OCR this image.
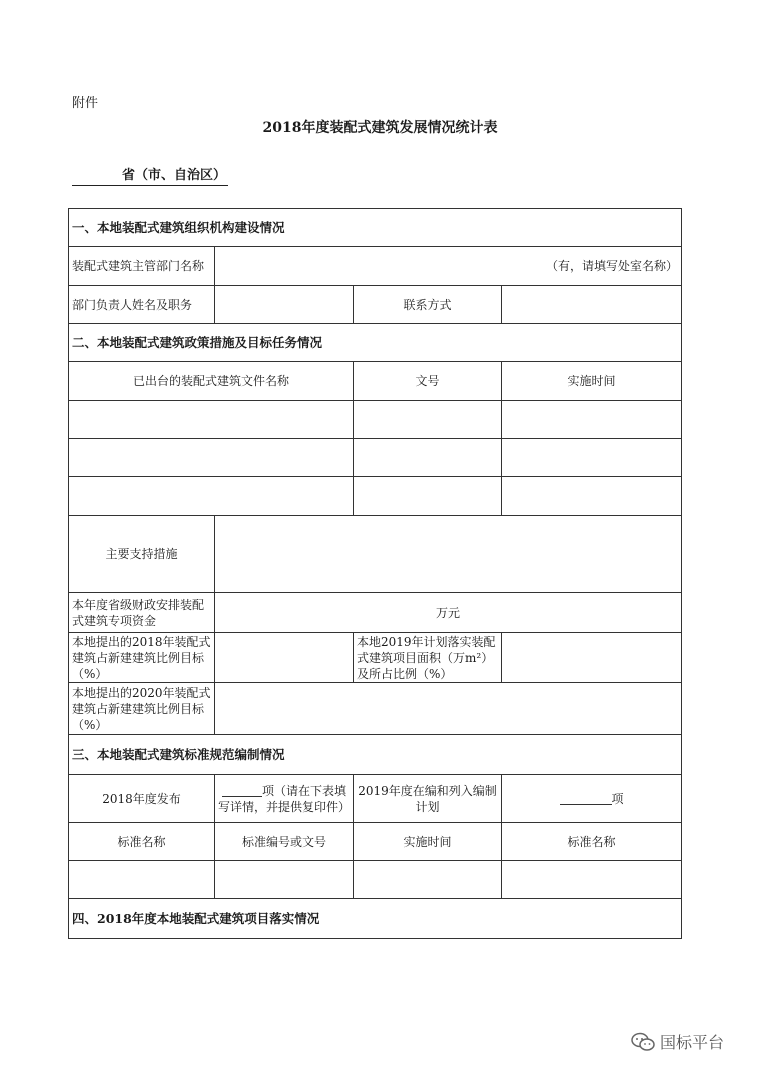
附件
2018年度装配式建筑发展情况统计表
省（市、自治区）
一、本地装配式建筑组织机构建设情况			
装配式建筑主管部门名称	（有，请填写处室名称）		
部门负责人姓名及职务		联系方式	
二、本地装配式建筑政策措施及目标任务情况			
已出台的装配式建筑文件名称		文号	实施时间

主要支持措施			
本年度省级财政安排装配式建筑专项资金	万元		
本地提出的2018年装配式建筑占新建建筑比例目标（%）		本地2019年计划落实装配式建筑项目面积（万m²）及所占比例（%）	
本地提出的2020年装配式建筑占新建建筑比例目标（%）			
三、本地装配式建筑标准规范编制情况			
2018年度发布	项（请在下表填写详情，并提供复印件）	2019年度在编和列入编制计划	项
标准名称	标准编号或文号	实施时间	标准名称

四、2018年度本地装配式建筑项目落实情况			
国标平台
